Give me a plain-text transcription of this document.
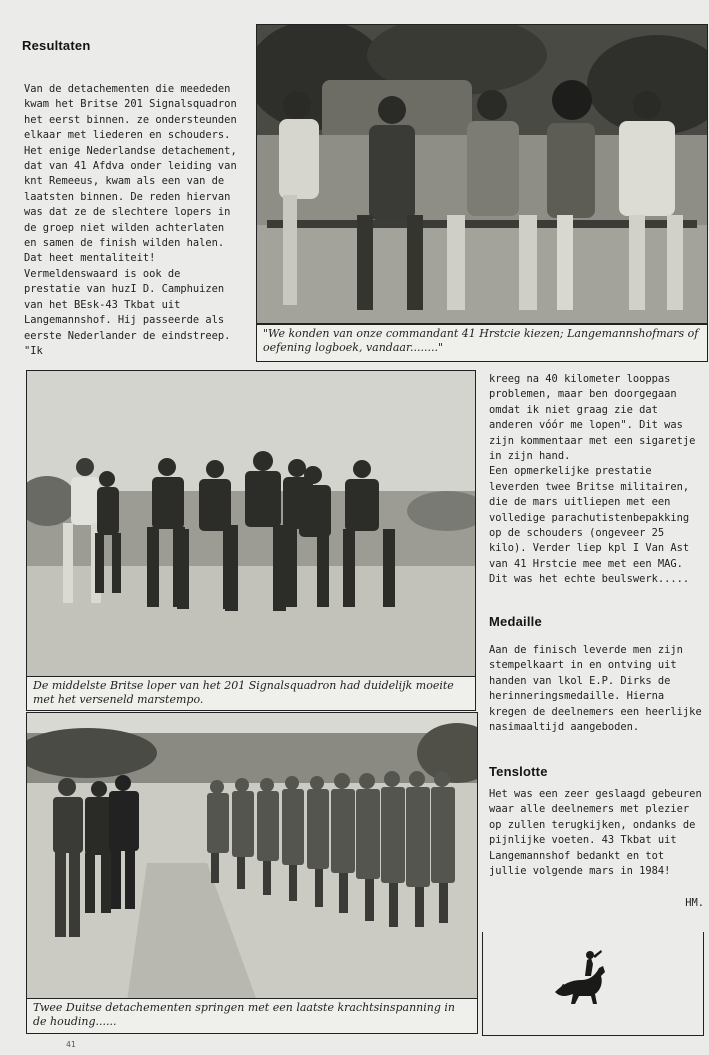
Resultaten

Van de detachementen die meededen kwam het Britse 201 Signalsquadron het eerst binnen. ze ondersteunden elkaar met liederen en schouders. Het enige Nederlandse detachement, dat van 41 Afdva onder leiding van knt Remeeus, kwam als een van de laatsten binnen. De reden hiervan was dat ze de slechtere lopers in de groep niet wilden achterlaten en samen de finish wilden halen. Dat heet mentaliteit!

Vermeldenswaard is ook de prestatie van huzI D. Camphuizen van het BEsk-43 Tkbat uit Langemannshof. Hij passeerde als eerste Nederlander de eindstreep. "Ik

"We konden van onze commandant 41 Hrstcie kiezen; Langemannshofmars of oefening logboek, vandaar........"
De middelste Britse loper van het 201 Signalsquadron had duidelijk moeite met het verseneld marstempo.
Twee Duitse detachementen springen met een laatste krachtsinspanning in de houding......

kreeg na 40 kilometer looppas problemen, maar ben doorgegaan omdat ik niet graag zie dat anderen vóór me lopen". Dit was zijn kommentaar met een sigaretje in zijn hand.

Een opmerkelijke prestatie leverden twee Britse militairen, die de mars uitliepen met een volledige parachutistenbepakking op de schouders (ongeveer 25 kilo). Verder liep kpl I Van Ast van 41 Hrstcie mee met een MAG. Dit was het echte beulswerk.....

Medaille
Aan de finisch leverde men zijn stempelkaart in en ontving uit handen van lkol E.P. Dirks de herinneringsmedaille. Hierna kregen de deelnemers een heerlijke nasimaaltijd aangeboden.
Tenslotte
Het was een zeer geslaagd gebeuren waar alle deelnemers met plezier op zullen terugkijken, ondanks de pijnlijke voeten. 43 Tkbat uit Langemannshof bedankt en tot jullie volgende mars in 1984!
HM.
41
